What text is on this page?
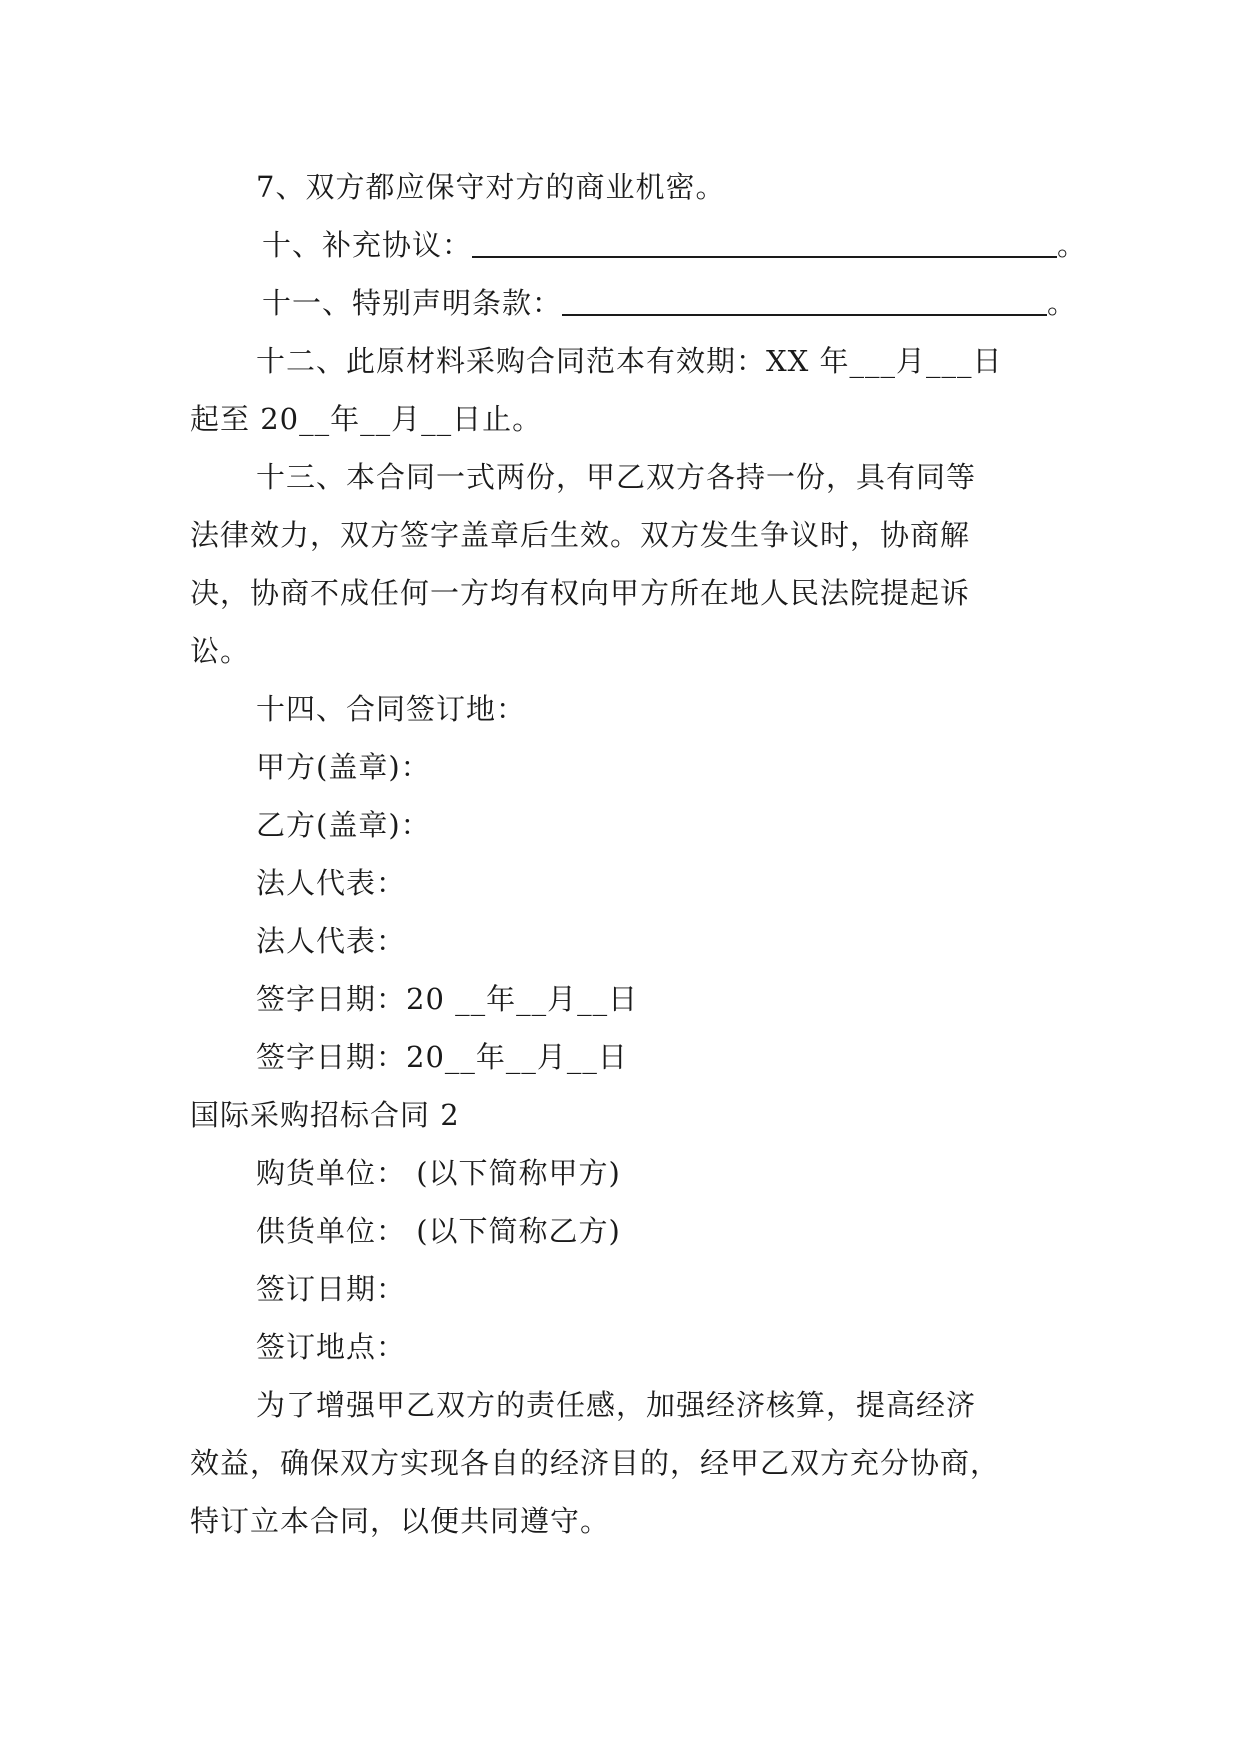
7、双方都应保守对方的商业机密。
十、补充协议：	。
十一、特别声明条款：	。
十二、此原材料采购合同范本有效期：XX 年___月___日
起至 20__年__月__日止。
十三、本合同一式两份，甲乙双方各持一份，具有同等
法律效力，双方签字盖章后生效。双方发生争议时，协商解
决，协商不成任何一方均有权向甲方所在地人民法院提起诉
讼。
十四、合同签订地：
甲方(盖章)：
乙方(盖章)：
法人代表：
法人代表：
签字日期：20 __年__月__日
签字日期：20__年__月__日
国际采购招标合同 2
购货单位： (以下简称甲方)
供货单位： (以下简称乙方)
签订日期：
签订地点：
为了增强甲乙双方的责任感，加强经济核算，提高经济
效益，确保双方实现各自的经济目的，经甲乙双方充分协商，
特订立本合同，以便共同遵守。
